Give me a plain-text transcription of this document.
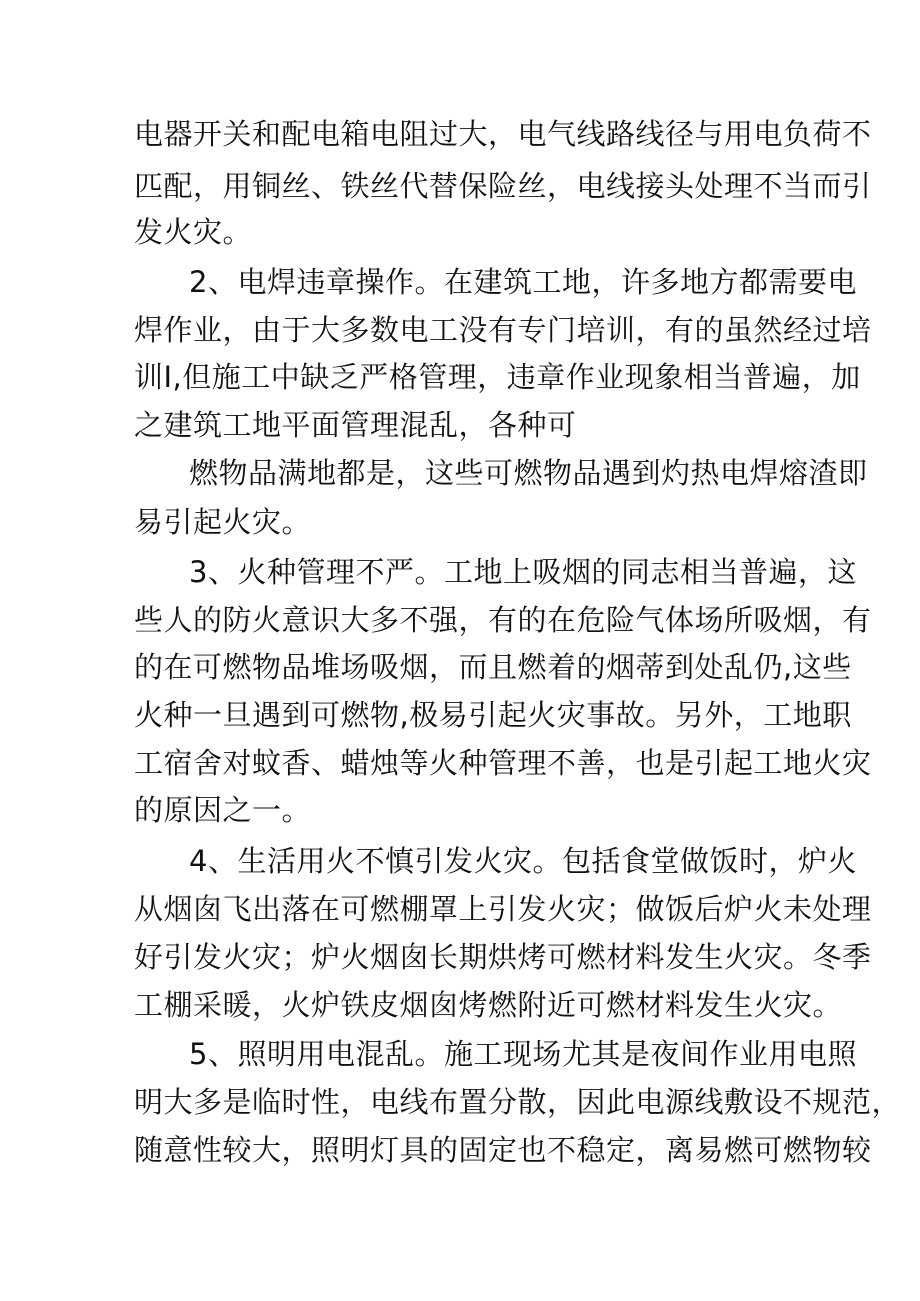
电器开关和配电箱电阻过大，电气线路线径与用电负荷不
匹配，用铜丝、铁丝代替保险丝，电线接头处理不当而引
发火灾。
2、电焊违章操作。在建筑工地，许多地方都需要电
焊作业，由于大多数电工没有专门培训，有的虽然经过培
训I,但施工中缺乏严格管理，违章作业现象相当普遍，加
之建筑工地平面管理混乱，各种可
燃物品满地都是，这些可燃物品遇到灼热电焊熔渣即
易引起火灾。
3、火种管理不严。工地上吸烟的同志相当普遍，这
些人的防火意识大多不强，有的在危险气体场所吸烟，有
的在可燃物品堆场吸烟，而且燃着的烟蒂到处乱仍,这些
火种一旦遇到可燃物,极易引起火灾事故。另外，工地职
工宿舍对蚊香、蜡烛等火种管理不善，也是引起工地火灾
的原因之一。
4、生活用火不慎引发火灾。包括食堂做饭时，炉火
从烟囱飞出落在可燃棚罩上引发火灾；做饭后炉火未处理
好引发火灾；炉火烟囱长期烘烤可燃材料发生火灾。冬季
工棚采暖，火炉铁皮烟囱烤燃附近可燃材料发生火灾。
5、照明用电混乱。施工现场尤其是夜间作业用电照
明大多是临时性，电线布置分散，因此电源线敷设不规范，
随意性较大，照明灯具的固定也不稳定，离易燃可燃物较
